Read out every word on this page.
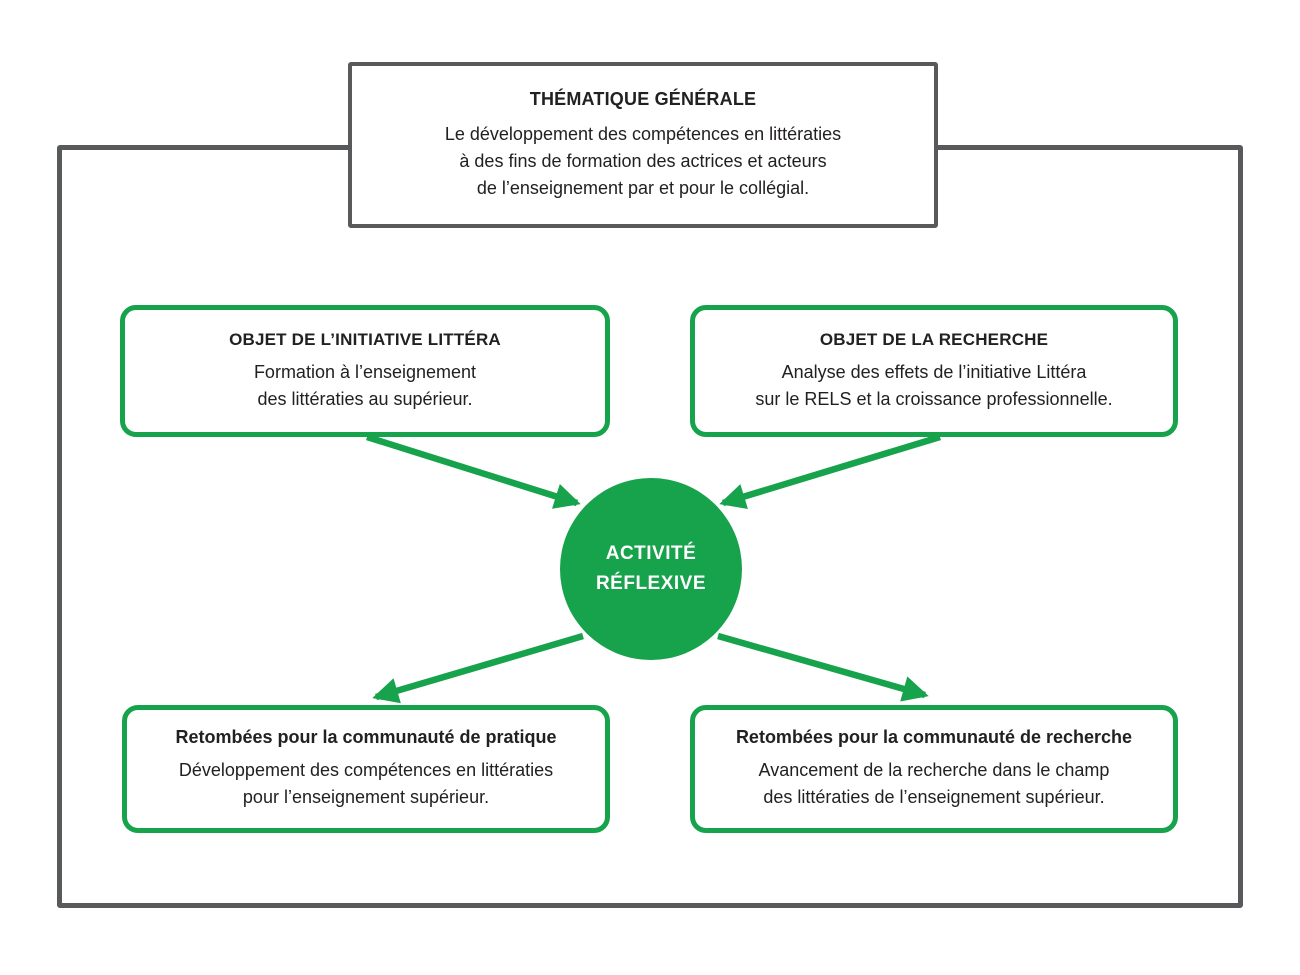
THÉMATIQUE GÉNÉRALE
Le développement des compétences en littératies
à des fins de formation des actrices et acteurs
de l’enseignement par et pour le collégial.
OBJET DE L’INITIATIVE LITTÉRA
Formation à l’enseignement
des littératies au supérieur.
OBJET DE LA RECHERCHE
Analyse des effets de l’initiative Littéra
sur le RELS et la croissance professionnelle.
ACTIVITÉ
RÉFLEXIVE
Retombées pour la communauté de pratique
Développement des compétences en littératies
pour l’enseignement supérieur.
Retombées pour la communauté de recherche
Avancement de la recherche dans le champ
des littératies de l’enseignement supérieur.
